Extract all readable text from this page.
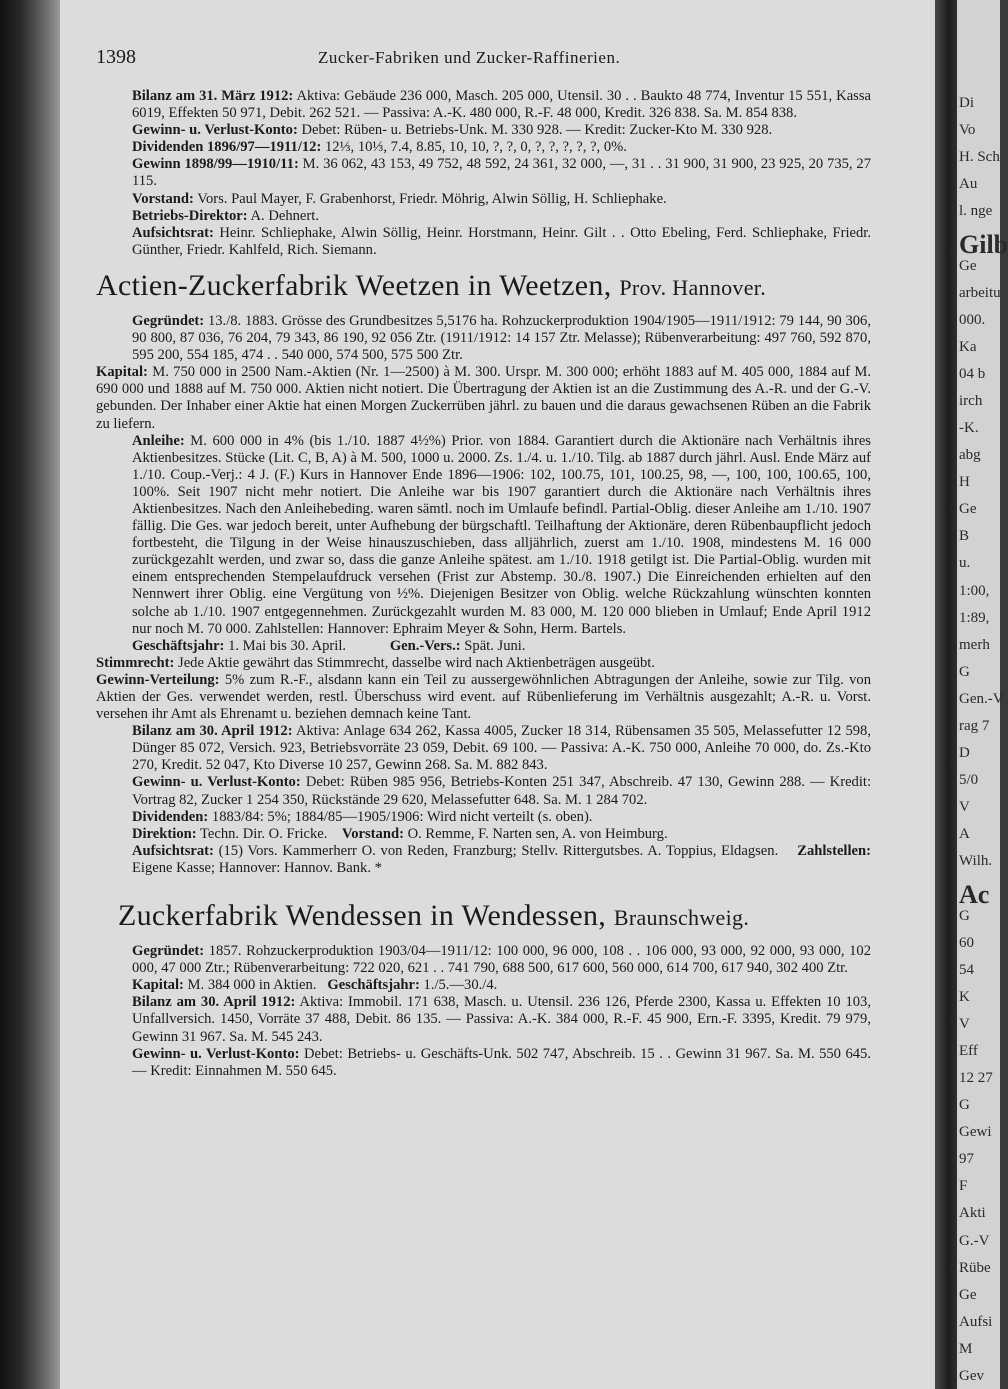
1398	Zucker-Fabriken und Zucker-Raffinerien.

Bilanz am 31. März 1912: Aktiva: Gebäude 236 000, Masch. 205 000, Utensil. 30 . . Baukto 48 774, Inventur 15 551, Kassa 6019, Effekten 50 971, Debit. 262 521. — Passiva: A.-K. 480 000, R.-F. 48 000, Kredit. 326 838. Sa. M. 854 838.

Gewinn- u. Verlust-Konto: Debet: Rüben- u. Betriebs-Unk. M. 330 928. — Kredit: Zucker-Kto M. 330 928.

Dividenden 1896/97—1911/12: 12⅓, 10⅓, 7.4, 8.85, 10, 10, ?, ?, 0, ?, ?, ?, ?, ?, 0%.

Gewinn 1898/99—1910/11: M. 36 062, 43 153, 49 752, 48 592, 24 361, 32 000, —, 31 . . 31 900, 31 900, 23 925, 20 735, 27 115.

Vorstand: Vors. Paul Mayer, F. Grabenhorst, Friedr. Möhrig, Alwin Söllig, H. Schliephake.

Betriebs-Direktor: A. Dehnert.

Aufsichtsrat: Heinr. Schliephake, Alwin Söllig, Heinr. Horstmann, Heinr. Gilt . . Otto Ebeling, Ferd. Schliephake, Friedr. Günther, Friedr. Kahlfeld, Rich. Siemann.

Actien-Zuckerfabrik Weetzen in Weetzen, Prov. Hannover.

Gegründet: 13./8. 1883. Grösse des Grundbesitzes 5,5176 ha. Rohzuckerproduktion 1904/1905—1911/1912: 79 144, 90 306, 90 800, 87 036, 76 204, 79 343, 86 190, 92 056 Ztr. (1911/1912: 14 157 Ztr. Melasse); Rübenverarbeitung: 497 760, 592 870, 595 200, 554 185, 474 . . 540 000, 574 500, 575 500 Ztr.

Kapital: M. 750 000 in 2500 Nam.-Aktien (Nr. 1—2500) à M. 300. Urspr. M. 300 000; erhöht 1883 auf M. 405 000, 1884 auf M. 690 000 und 1888 auf M. 750 000. Aktien nicht notiert. Die Übertragung der Aktien ist an die Zustimmung des A.-R. und der G.-V. gebunden. Der Inhaber einer Aktie hat einen Morgen Zuckerrüben jährl. zu bauen und die daraus gewachsenen Rüben an die Fabrik zu liefern.

Anleihe: M. 600 000 in 4% (bis 1./10. 1887 4½%) Prior. von 1884. Garantiert durch die Aktionäre nach Verhältnis ihres Aktienbesitzes. Stücke (Lit. C, B, A) à M. 500, 1000 u. 2000. Zs. 1./4. u. 1./10. Tilg. ab 1887 durch jährl. Ausl. Ende März auf 1./10. Coup.-Verj.: 4 J. (F.) Kurs in Hannover Ende 1896—1906: 102, 100.75, 101, 100.25, 98, —, 100, 100, 100.65, 100, 100%. Seit 1907 nicht mehr notiert. Die Anleihe war bis 1907 garantiert durch die Aktionäre nach Verhältnis ihres Aktienbesitzes. Nach den Anleihebeding. waren sämtl. noch im Umlaufe befindl. Partial-Oblig. dieser Anleihe am 1./10. 1907 fällig. Die Ges. war jedoch bereit, unter Aufhebung der bürgschaftl. Teilhaftung der Aktionäre, deren Rübenbaupflicht jedoch fortbesteht, die Tilgung in der Weise hinauszuschieben, dass alljährlich, zuerst am 1./10. 1908, mindestens M. 16 000 zurückgezahlt werden, und zwar so, dass die ganze Anleihe spätest. am 1./10. 1918 getilgt ist. Die Partial-Oblig. wurden mit einem entsprechenden Stempelaufdruck versehen (Frist zur Abstemp. 30./8. 1907.) Die Einreichenden erhielten auf den Nennwert ihrer Oblig. eine Vergütung von ½%. Diejenigen Besitzer von Oblig. welche Rückzahlung wünschten konnten solche ab 1./10. 1907 entgegennehmen. Zurückgezahlt wurden M. 83 000, M. 120 000 blieben in Umlauf; Ende April 1912 nur noch M. 70 000. Zahlstellen: Hannover: Ephraim Meyer & Sohn, Herm. Bartels.

Geschäftsjahr: 1. Mai bis 30. April.	Gen.-Vers.: Spät. Juni.

Stimmrecht: Jede Aktie gewährt das Stimmrecht, dasselbe wird nach Aktienbeträgen ausgeübt.

Gewinn-Verteilung: 5% zum R.-F., alsdann kann ein Teil zu aussergewöhnlichen Abtragungen der Anleihe, sowie zur Tilg. von Aktien der Ges. verwendet werden, restl. Überschuss wird event. auf Rübenlieferung im Verhältnis ausgezahlt; A.-R. u. Vorst. versehen ihr Amt als Ehrenamt u. beziehen demnach keine Tant.

Bilanz am 30. April 1912: Aktiva: Anlage 634 262, Kassa 4005, Zucker 18 314, Rübensamen 35 505, Melassefutter 12 598, Dünger 85 072, Versich. 923, Betriebsvorräte 23 059, Debit. 69 100. — Passiva: A.-K. 750 000, Anleihe 70 000, do. Zs.-Kto 270, Kredit. 52 047, Kto Diverse 10 257, Gewinn 268. Sa. M. 882 843.

Gewinn- u. Verlust-Konto: Debet: Rüben 985 956, Betriebs-Konten 251 347, Abschreib. 47 130, Gewinn 288. — Kredit: Vortrag 82, Zucker 1 254 350, Rückstände 29 620, Melassefutter 648. Sa. M. 1 284 702.

Dividenden: 1883/84: 5%; 1884/85—1905/1906: Wird nicht verteilt (s. oben).

Direktion: Techn. Dir. O. Fricke. Vorstand: O. Remme, F. Narten sen, A. von Heimburg.

Aufsichtsrat: (15) Vors. Kammerherr O. von Reden, Franzburg; Stellv. Rittergutsbes. A. Toppius, Eldagsen. Zahlstellen: Eigene Kasse; Hannover: Hannov. Bank. *

Zuckerfabrik Wendessen in Wendessen, Braunschweig.

Gegründet: 1857. Rohzuckerproduktion 1903/04—1911/12: 100 000, 96 000, 108 . . 106 000, 93 000, 92 000, 93 000, 102 000, 47 000 Ztr.; Rübenverarbeitung: 722 020, 621 . . 741 790, 688 500, 617 600, 560 000, 614 700, 617 940, 302 400 Ztr.

Kapital: M. 384 000 in Aktien. Geschäftsjahr: 1./5.—30./4.

Bilanz am 30. April 1912: Aktiva: Immobil. 171 638, Masch. u. Utensil. 236 126, Pferde 2300, Kassa u. Effekten 10 103, Unfallversich. 1450, Vorräte 37 488, Debit. 86 135. — Passiva: A.-K. 384 000, R.-F. 45 900, Ern.-F. 3395, Kredit. 79 979, Gewinn 31 967. Sa. M. 545 243.

Gewinn- u. Verlust-Konto: Debet: Betriebs- u. Geschäfts-Unk. 502 747, Abschreib. 15 . . Gewinn 31 967. Sa. M. 550 645. — Kredit: Einnahmen M. 550 645.

Di
Vo
H. Sch
Au
l. nge
Gilb
Ge
arbeitu
000.
Ka
04 b
irch
-K.
abg
H
Ge
B
u.
1:00,
1:89,
merh
G
Gen.-V
rag 7
D
5/0
V
A
Wilh.
Ac
G
60
54
K
V
Eff
12 27
G
Gewi
97
F
Akti
G.-V
Rübe
Ge
Aufsi
M
Gev
